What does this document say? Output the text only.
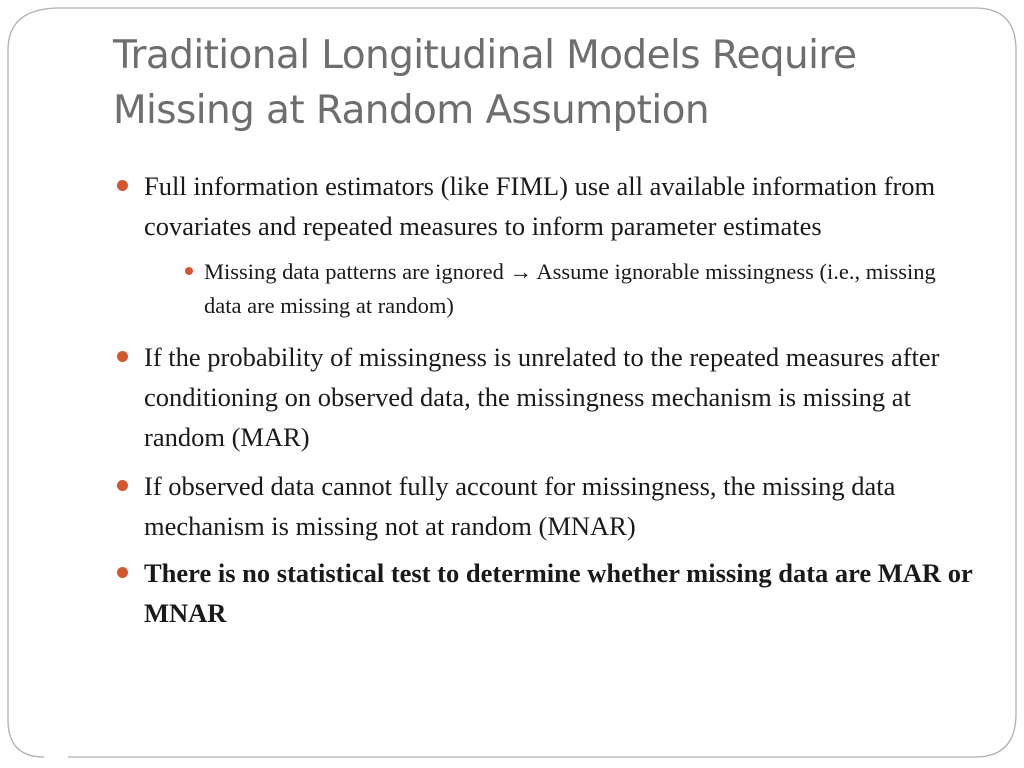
Traditional Longitudinal Models Require Missing at Random Assumption
Full information estimators (like FIML) use all available information from covariates and repeated measures to inform parameter estimates
Missing data patterns are ignored → Assume ignorable missingness (i.e., missing data are missing at random)
If the probability of missingness is unrelated to the repeated measures after conditioning on observed data, the missingness mechanism is missing at random (MAR)
If observed data cannot fully account for missingness, the missing data mechanism is missing not at random (MNAR)
There is no statistical test to determine whether missing data are MAR or MNAR
